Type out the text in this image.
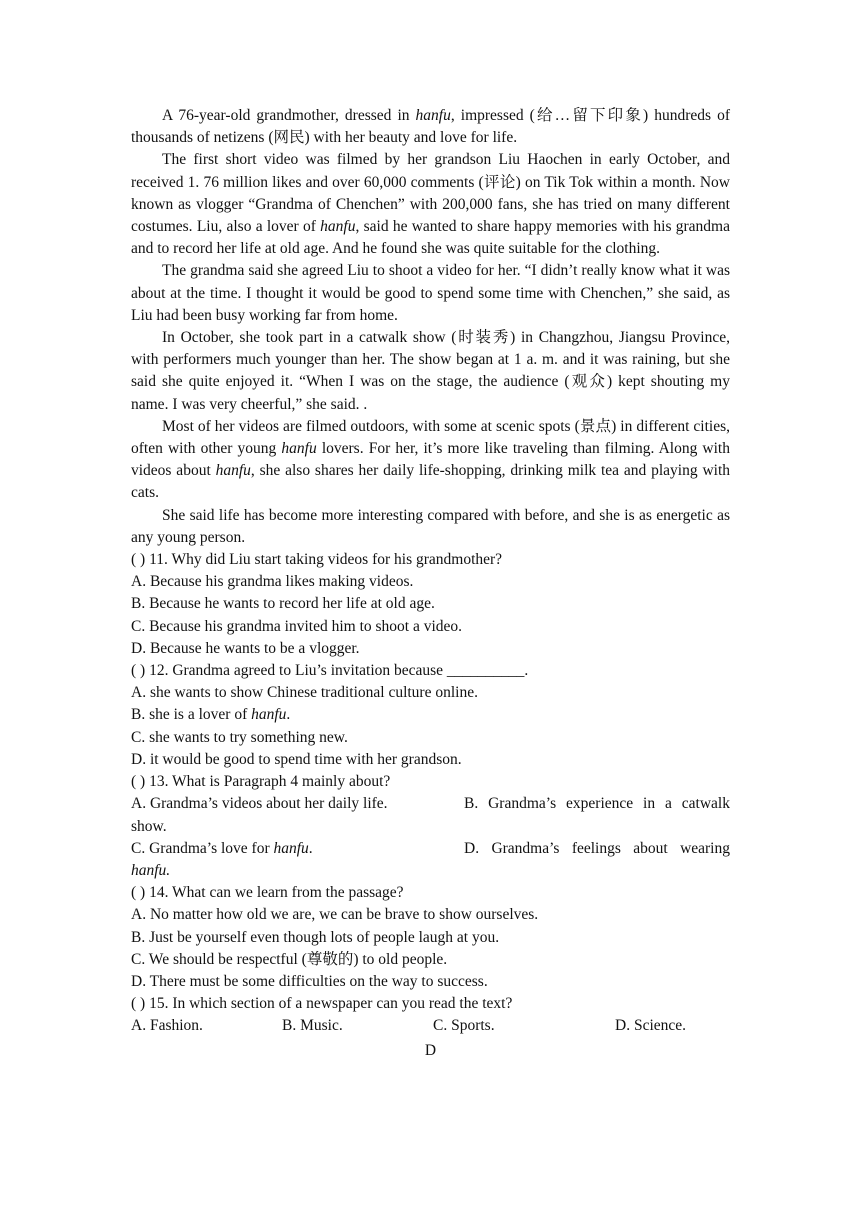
A 76-year-old grandmother, dressed in hanfu, impressed (给…留下印象) hundreds of thousands of netizens (网民) with her beauty and love for life.

The first short video was filmed by her grandson Liu Haochen in early October, and received 1. 76 million likes and over 60,000 comments (评论) on Tik Tok within a month. Now known as vlogger “Grandma of Chenchen” with 200,000 fans, she has tried on many different costumes. Liu, also a lover of hanfu, said he wanted to share happy memories with his grandma and to record her life at old age. And he found she was quite suitable for the clothing.

The grandma said she agreed Liu to shoot a video for her. “I didn’t really know what it was about at the time. I thought it would be good to spend some time with Chenchen,” she said, as Liu had been busy working far from home.

In October, she took part in a catwalk show (时装秀) in Changzhou, Jiangsu Province, with performers much younger than her. The show began at 1 a. m. and it was raining, but she said she quite enjoyed it. “When I was on the stage, the audience (观众) kept shouting my name. I was very cheerful,” she said. .

Most of her videos are filmed outdoors, with some at scenic spots (景点) in different cities, often with other young hanfu lovers. For her, it’s more like traveling than filming. Along with videos about hanfu, she also shares her daily life-shopping, drinking milk tea and playing with cats.

She said life has become more interesting compared with before, and she is as energetic as any young person.

( ) 11. Why did Liu start taking videos for his grandmother?

A. Because his grandma likes making videos.

B. Because he wants to record her life at old age.

C. Because his grandma invited him to shoot a video.

D. Because he wants to be a vlogger.

( ) 12. Grandma agreed to Liu’s invitation because __________.

A. she wants to show Chinese traditional culture online.

B. she is a lover of hanfu.

C. she wants to try something new.

D. it would be good to spend time with her grandson.

( ) 13. What is Paragraph 4 mainly about?

A. Grandma’s videos about her daily life.	B. Grandma’s experience in a catwalk

show.

C. Grandma’s love for hanfu.	D. Grandma’s feelings about wearing

hanfu.

( ) 14. What can we learn from the passage?

A. No matter how old we are, we can be brave to show ourselves.

B. Just be yourself even though lots of people laugh at you.

C. We should be respectful (尊敬的) to old people.

D. There must be some difficulties on the way to success.

( ) 15. In which section of a newspaper can you read the text?

A. Fashion.	B. Music.	C. Sports.	D. Science.

D
